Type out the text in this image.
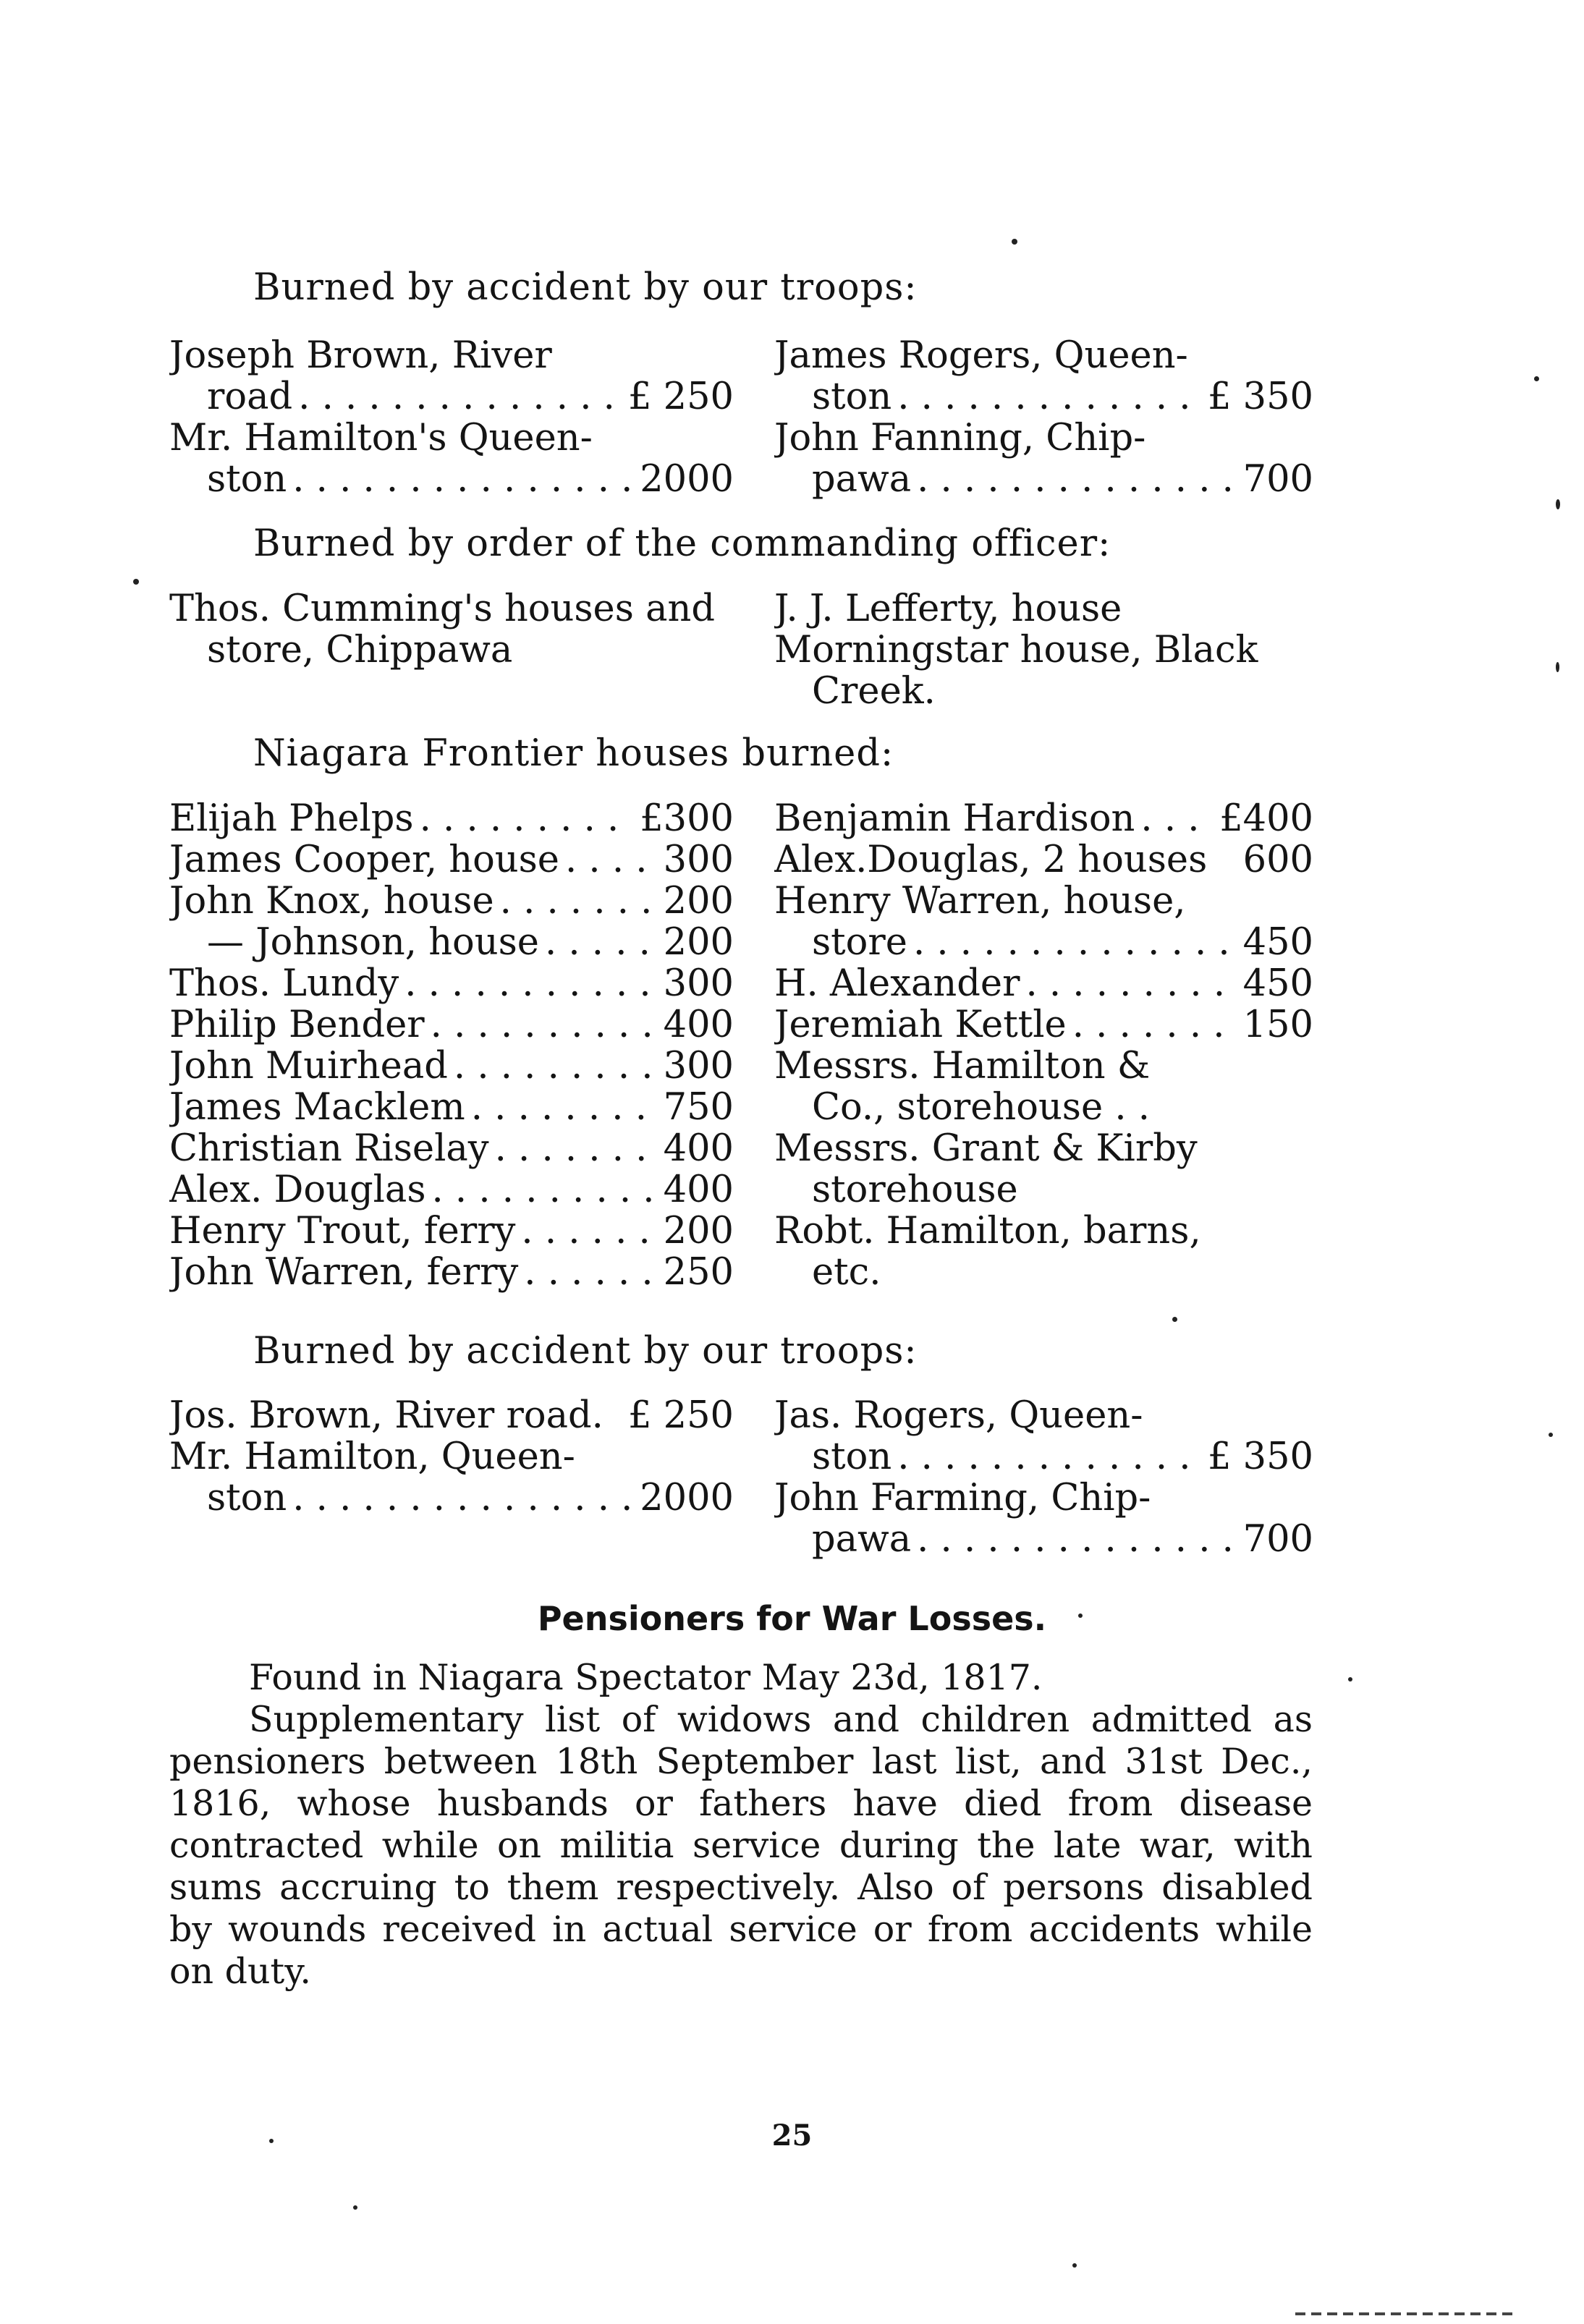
Burned by accident by our troops:
Joseph Brown, River
road . . .	£ 250
Mr. Hamilton's Queen-
ston . . .	2000
James Rogers, Queen-
ston . . .	£ 350
John Fanning, Chip-
pawa . . .	700
Burned by order of the commanding officer:
Thos. Cumming's houses and
store, Chippawa
J. J. Lefferty, house
Morningstar house, Black
Creek.
Niagara Frontier houses burned:
Elijah Phelps . . .	£300
James Cooper, house . . .	300
John Knox, house . . .	200
— Johnson, house . . .	200
Thos. Lundy . . .	300
Philip Bender . . .	400
John Muirhead . . .	300
James Macklem . . .	750
Christian Riselay . . .	400
Alex. Douglas . . .	400
Henry Trout, ferry . . .	200
John Warren, ferry . . .	250
Benjamin Hardison . . . £400
Alex.Douglas, 2 houses 600
Henry Warren, house,
store . . .	450
H. Alexander . . .	450
Jeremiah Kettle . . .	150
Messrs. Hamilton &
Co., storehouse . .
Messrs. Grant & Kirby
storehouse
Robt. Hamilton, barns,
etc.
Burned by accident by our troops:
Jos. Brown, River road. £ 250
Mr. Hamilton, Queen-
ston . . .	2000
Jas. Rogers, Queen-
ston . . .	£ 350
John Farming, Chip-
pawa . . .	700
Pensioners for War Losses.
Found in Niagara Spectator May 23d, 1817.
Supplementary list of widows and children admitted as pensioners between 18th September last list, and 31st Dec., 1816, whose husbands or fathers have died from disease contracted while on militia service during the late war, with sums accruing to them respectively. Also of persons disabled by wounds received in actual service or from accidents while on duty.
25
